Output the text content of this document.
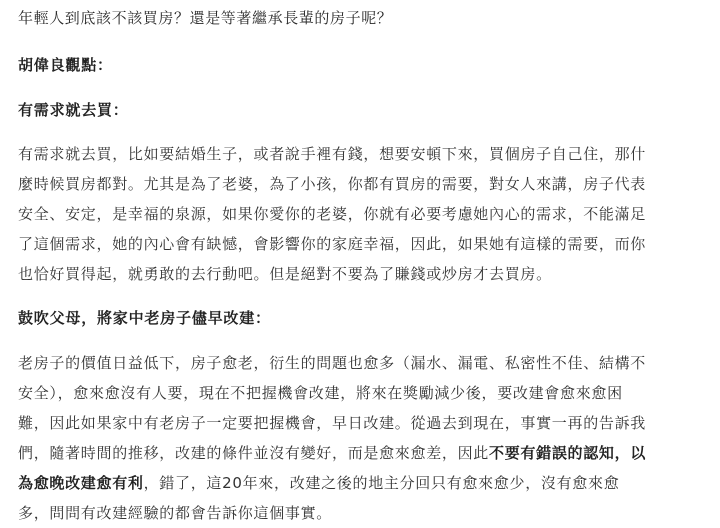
年輕人到底該不該買房？還是等著繼承長輩的房子呢？

胡偉良觀點：
有需求就去買：

有需求就去買，比如要結婚生子，或者說手裡有錢，想要安頓下來，買個房子自己住，那什
麼時候買房都對。尤其是為了老婆，為了小孩，你都有買房的需要，對女人來講，房子代表
安全、安定，是幸福的泉源，如果你愛你的老婆，你就有必要考慮她內心的需求，不能滿足
了這個需求，她的內心會有缺憾，會影響你的家庭幸福，因此，如果她有這樣的需要，而你
也恰好買得起，就勇敢的去行動吧。但是絕對不要為了賺錢或炒房才去買房。

鼓吹父母，將家中老房子儘早改建：

老房子的價值日益低下，房子愈老，衍生的問題也愈多（漏水、漏電、私密性不佳、結構不
安全），愈來愈沒有人要，現在不把握機會改建，將來在獎勵減少後，要改建會愈來愈困
難，因此如果家中有老房子一定要把握機會，早日改建。從過去到現在，事實一再的告訴我
們，隨著時間的推移，改建的條件並沒有變好，而是愈來愈差，因此不要有錯誤的認知，以
為愈晚改建愈有利，錯了，這20年來，改建之後的地主分回只有愈來愈少，沒有愈來愈
多，問問有改建經驗的都會告訴你這個事實。
